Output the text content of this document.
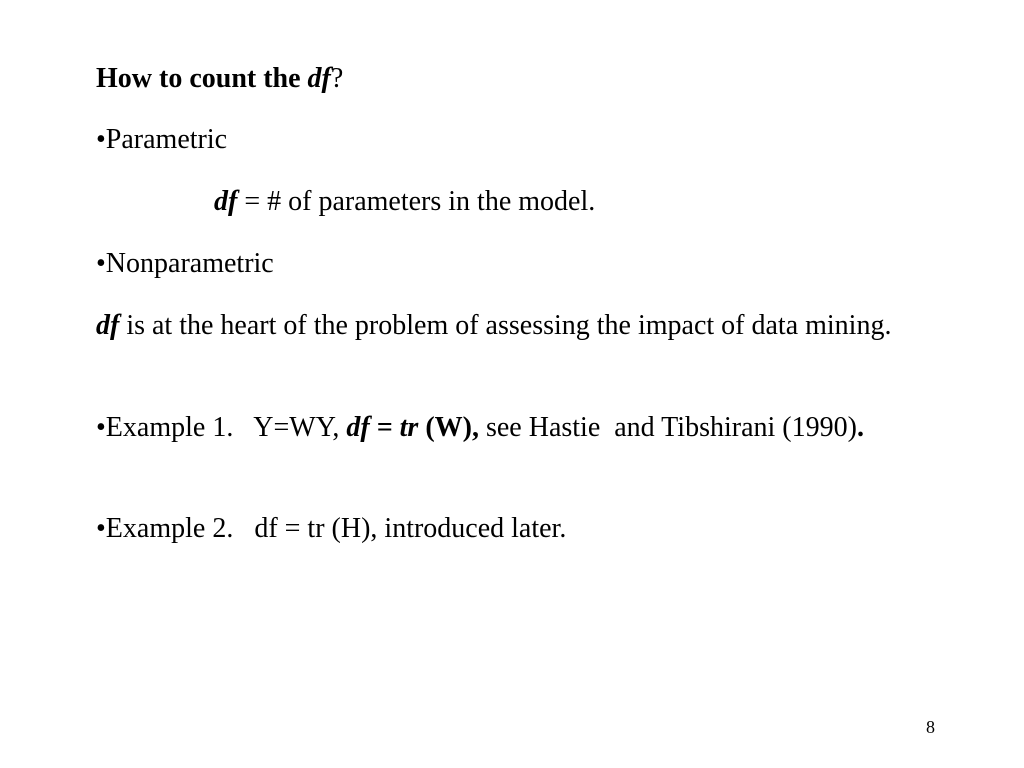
How to count the df?
•Parametric
df = # of parameters in the model.
•Nonparametric
df is at the heart of the problem of assessing the impact of data mining.
•Example 1.   Y=WY, df = tr (W), see Hastie  and Tibshirani (1990).
•Example 2.   df = tr (H), introduced later.
8
